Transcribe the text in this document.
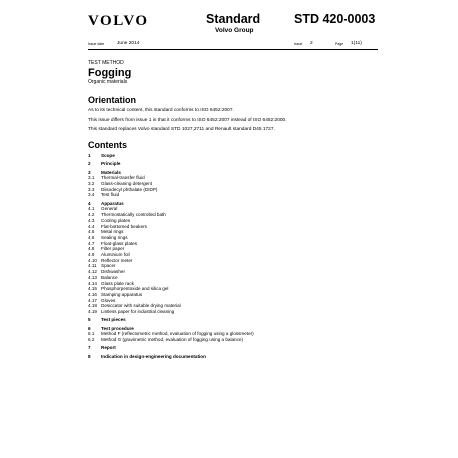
VOLVO	Standard
Volvo Group
STD 420-0003
Issue date	June 2014	Issue 2	Page 1(11)
TEST METHOD
Fogging
Organic materials
Orientation

As to its technical content, this standard conforms to ISO 6452:2007.

This issue differs from issue 1 in that it conforms to ISO 6452:2007 instead of ISO 6452:2000.

This standard replaces Volvo standard STD 1027,2711 and Renault standard D45 1727.

Contents
1	Scope
2	Principle
3	Materials
3.1	Thermal-transfer fluid
3.2	Glass-cleaning detergent
3.3	Diisodecyl phthalate (DIDP)
3.4	Test fluid
4	Apparatus
4.1	General
4.2	Thermostatically controlled bath
4.3	Cooling plates
4.4	Flat-bottomed beakers
4.5	Metal rings
4.6	Sealing rings
4.7	Float-glass plates
4.8	Filter paper
4.9	Aluminium foil
4.10 Reflector meter
4.11 Spacer
4.12 Dishwasher
4.13 Balance
4.14 Glass plate rack
4.15 Phosphorpentoxide and silica gel
4.16 Stamping apparatus
4.17 Gloves
4.18 Desiccator with suitable drying material
4.19 Lintless paper for industrial cleaning
5	Test pieces
6	Test procedure
6.1	Method F (reflectometric method, evaluation of fogging using a glossmeter)
6.2	Method G (gravimetric method, evaluation of fogging using a balance)
7	Report
8	Indication in design-engineering documentation
